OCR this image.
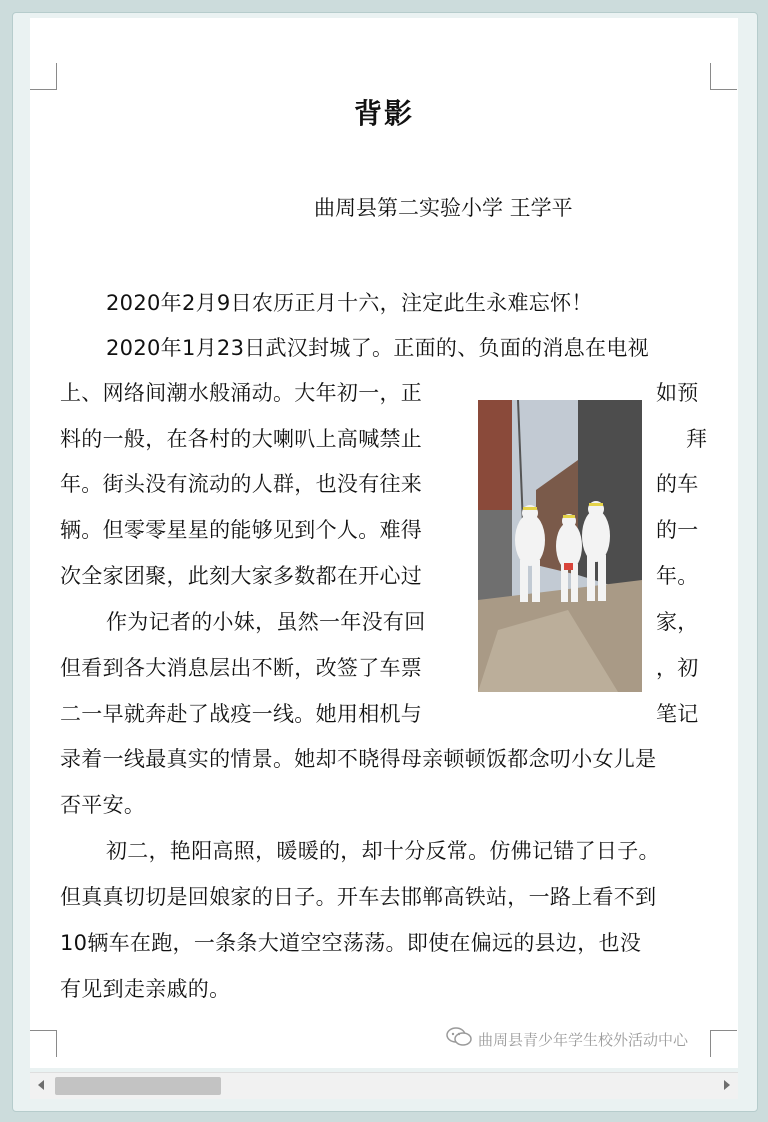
背影
曲周县第二实验小学 王学平
2020年2月9日农历正月十六，注定此生永难忘怀！
2020年1月23日武汉封城了。正面的、负面的消息在电视
上、网络间潮水般涌动。大年初一，正	如预
料的一般，在各村的大喇叭上高喊禁止	拜
年。街头没有流动的人群，也没有往来	的车
辆。但零零星星的能够见到个人。难得	的一
次全家团聚，此刻大家多数都在开心过	年。
作为记者的小妹，虽然一年没有回	家，
但看到各大消息层出不断，改签了车票	，初
二一早就奔赴了战疫一线。她用相机与	笔记
录着一线最真实的情景。她却不晓得母亲顿顿饭都念叨小女儿是
否平安。
初二，艳阳高照，暖暖的，却十分反常。仿佛记错了日子。
但真真切切是回娘家的日子。开车去邯郸高铁站，一路上看不到
10辆车在跑，一条条大道空空荡荡。即使在偏远的县边，也没
有见到走亲戚的。
曲周县青少年学生校外活动中心
